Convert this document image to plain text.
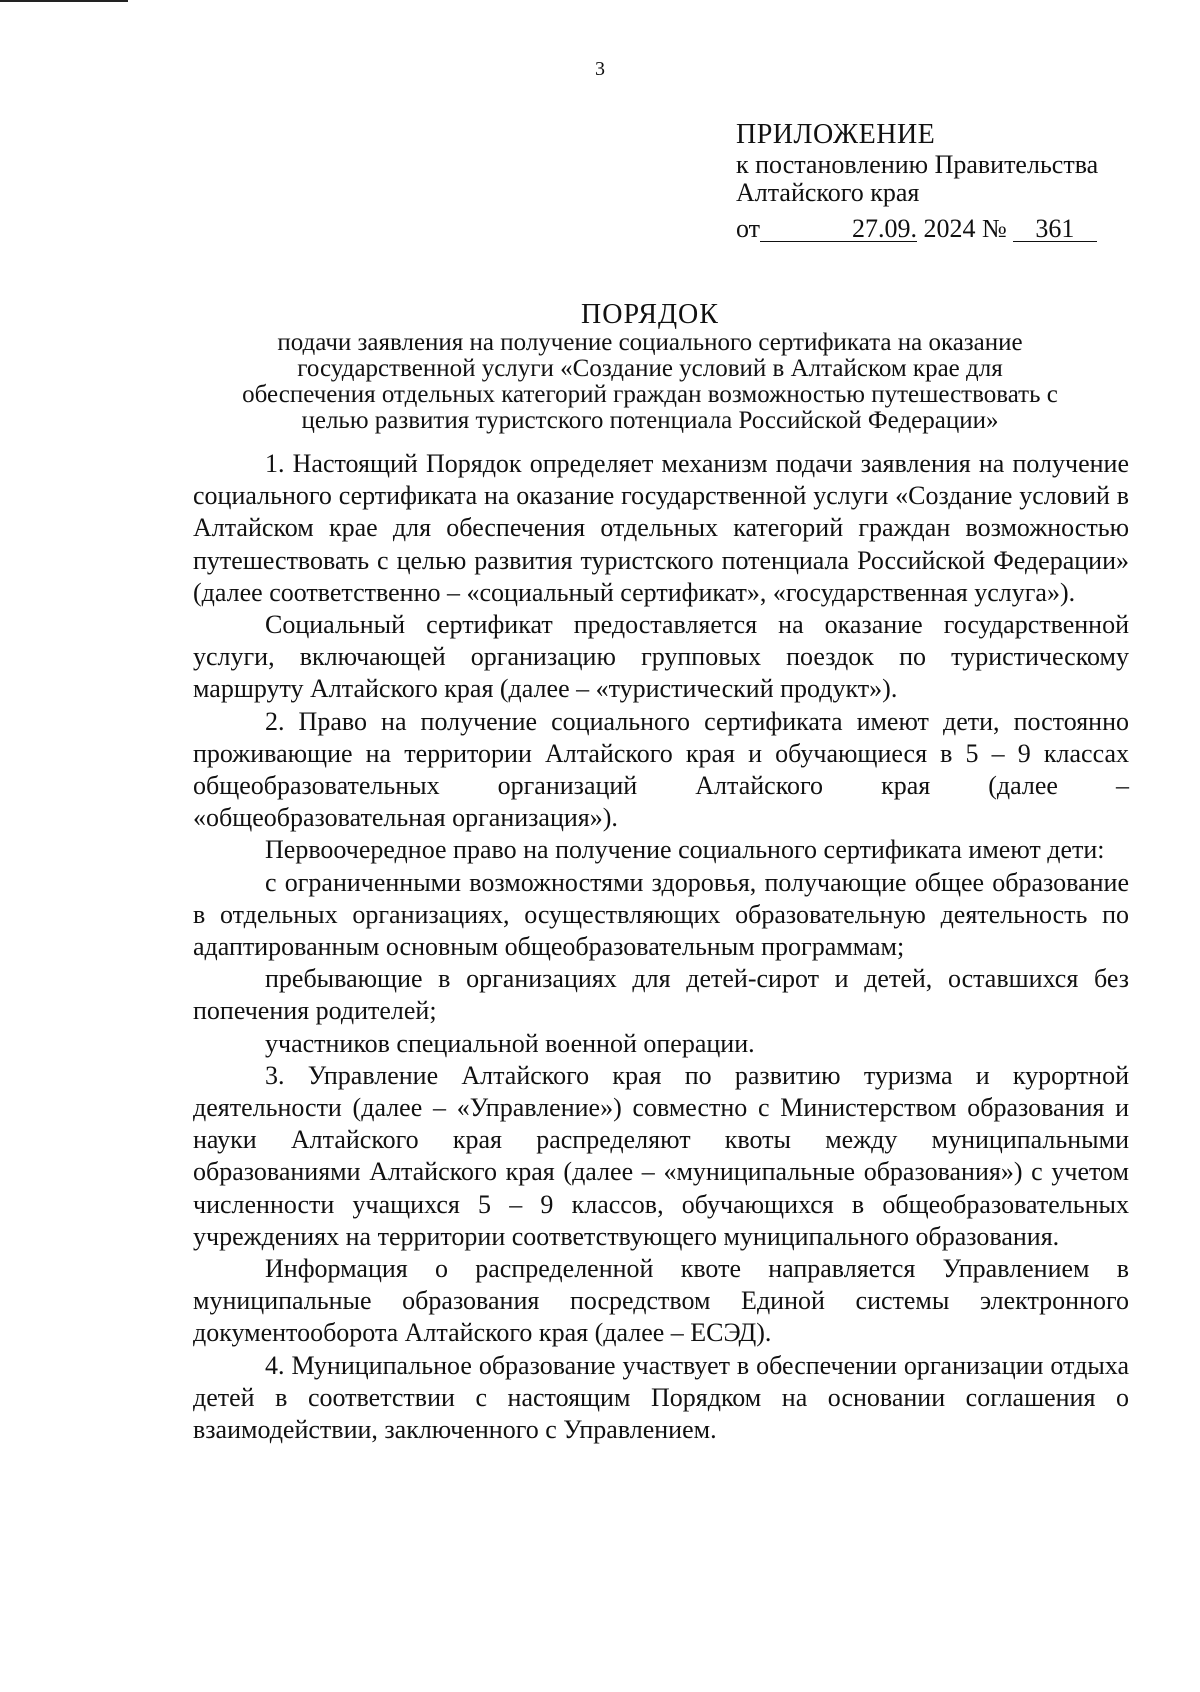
3
ПРИЛОЖЕНИЕ
к постановлению Правительства
Алтайского края
от	27.09. 2024 № 361
ПОРЯДОК
подачи заявления на получение социального сертификата на оказание
государственной услуги «Создание условий в Алтайском крае для
обеспечения отдельных категорий граждан возможностью путешествовать с
целью развития туристского потенциала Российской Федерации»

1. Настоящий Порядок определяет механизм подачи заявления на получение социального сертификата на оказание государственной услуги «Создание условий в Алтайском крае для обеспечения отдельных категорий граждан возможностью путешествовать с целью развития туристского потенциала Российской Федерации» (далее соответственно – «социальный сертификат», «государственная услуга»).

Социальный сертификат предоставляется на оказание государственной услуги, включающей организацию групповых поездок по туристическому маршруту Алтайского края (далее – «туристический продукт»).

2. Право на получение социального сертификата имеют дети, постоянно проживающие на территории Алтайского края и обучающиеся в 5 – 9 классах общеобразовательных организаций Алтайского края (далее – «общеобразовательная организация»).

Первоочередное право на получение социального сертификата имеют дети:

с ограниченными возможностями здоровья, получающие общее образование в отдельных организациях, осуществляющих образовательную деятельность по адаптированным основным общеобразовательным программам;

пребывающие в организациях для детей-сирот и детей, оставшихся без попечения родителей;

участников специальной военной операции.

3. Управление Алтайского края по развитию туризма и курортной деятельности (далее – «Управление») совместно с Министерством образования и науки Алтайского края распределяют квоты между муниципальными образованиями Алтайского края (далее – «муниципальные образования») с учетом численности учащихся 5 – 9 классов, обучающихся в общеобразовательных учреждениях на территории соответствующего муниципального образования.

Информация о распределенной квоте направляется Управлением в муниципальные образования посредством Единой системы электронного документооборота Алтайского края (далее – ЕСЭД).

4. Муниципальное образование участвует в обеспечении организации отдыха детей в соответствии с настоящим Порядком на основании соглашения о взаимодействии, заключенного с Управлением.
